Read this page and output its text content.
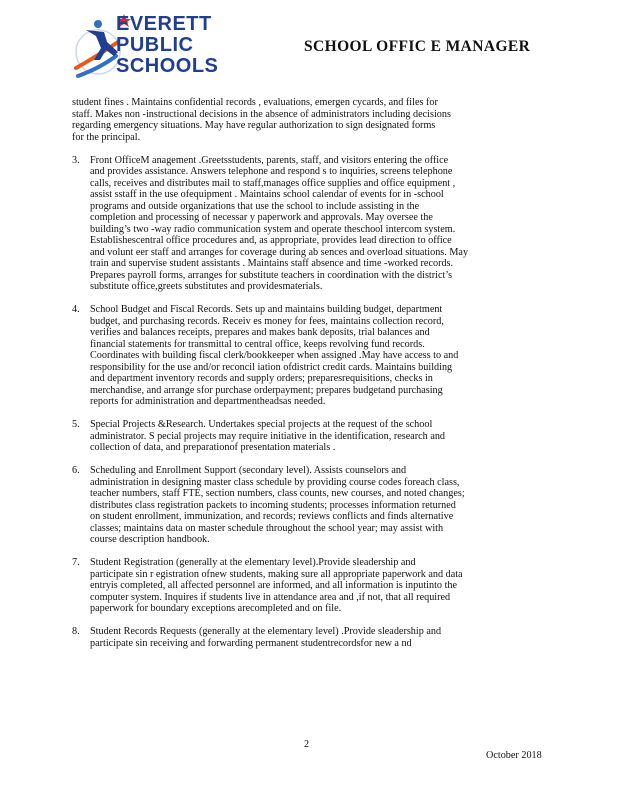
EVERETT
PUBLIC
SCHOOLS
SCHOOL OFFIC E MANAGER
student fines . Maintains confidential records , evaluations, emergen cycards, and files for
staff. Makes non -instructional decisions in the absence of administrators including decisions
regarding emergency situations. May have regular authorization to sign designated forms
for the principal.
3. Front OfficeM anagement .Greetsstudents, parents, staff, and visitors entering the office
and provides assistance. Answers telephone and respond s to inquiries, screens telephone
calls, receives and distributes mail to staff,manages office supplies and office equipment ,
assist sstaff in the use ofequipment . Maintains school calendar of events for in -school
programs and outside organizations that use the school to include assisting in the
completion and processing of necessar y paperwork and approvals. May oversee the
building’s two -way radio communication system and operate theschool intercom system.
Establishescentral office procedures and, as appropriate, provides lead direction to office
and volunt eer staff and arranges for coverage during ab sences and overload situations. May
train and supervise student assistants . Maintains staff absence and time -worked records.
Prepares payroll forms, arranges for substitute teachers in coordination with the district’s
substitute office,greets substitutes and providesmaterials.
4. School Budget and Fiscal Records. Sets up and maintains building budget, department
budget, and purchasing records. Receiv es money for fees, maintains collection record,
verifies and balances receipts, prepares and makes bank deposits, trial balances and
financial statements for transmittal to central office, keeps revolving fund records.
Coordinates with building fiscal clerk/bookkeeper when assigned .May have access to and
responsibility for the use and/or reconcil iation ofdistrict credit cards. Maintains building
and department inventory records and supply orders; preparesrequisitions, checks in
merchandise, and arrange sfor purchase orderpayment; prepares budgetand purchasing
reports for administration and departmentheadsas needed.
5. Special Projects &Research. Undertakes special projects at the request of the school
administrator. S pecial projects may require initiative in the identification, research and
collection of data, and preparationof presentation materials .
6. Scheduling and Enrollment Support (secondary level). Assists counselors and
administration in designing master class schedule by providing course codes foreach class,
teacher numbers, staff FTE, section numbers, class counts, new courses, and noted changes;
distributes class registration packets to incoming students; processes information returned
on student enrollment, immunization, and records; reviews conflicts and finds alternative
classes; maintains data on master schedule throughout the school year; may assist with
course description handbook.
7. Student Registration (generally at the elementary level).Provide sleadership and
participate sin r egistration ofnew students, making sure all appropriate paperwork and data
entryis completed, all affected personnel are informed, and all information is inputinto the
computer system. Inquires if students live in attendance area and ,if not, that all required
paperwork for boundary exceptions arecompleted and on file.
8. Student Records Requests (generally at the elementary level) .Provide sleadership and
participate sin receiving and forwarding permanent studentrecordsfor new a nd
2
October 2018
